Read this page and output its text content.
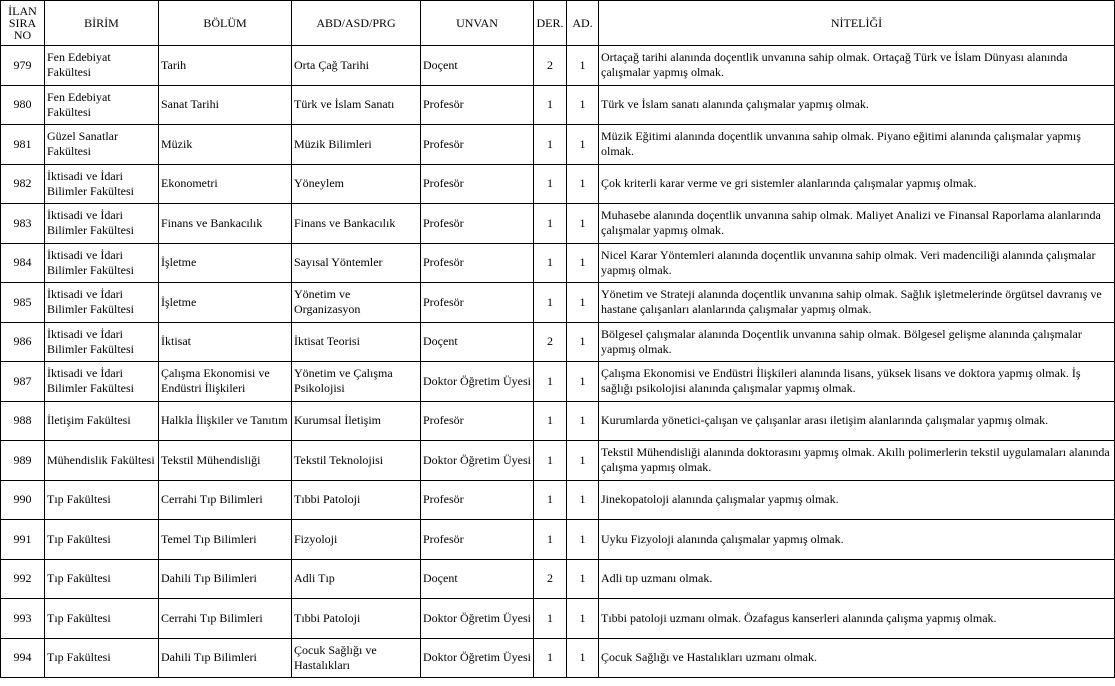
İLAN SIRA NO	BİRİM	BÖLÜM	ABD/ASD/PRG	UNVAN	DER.	AD.	NİTELİĞİ
979	Fen Edebiyat Fakültesi	Tarih	Orta Çağ Tarihi	Doçent	2	1	Ortaçağ tarihi alanında doçentlik unvanına sahip olmak. Ortaçağ Türk ve İslam Dünyası alanında çalışmalar yapmış olmak.
980	Fen Edebiyat Fakültesi	Sanat Tarihi	Türk ve İslam Sanatı	Profesör	1	1	Türk ve İslam sanatı alanında çalışmalar yapmış olmak.
981	Güzel Sanatlar Fakültesi	Müzik	Müzik Bilimleri	Profesör	1	1	Müzik Eğitimi alanında doçentlik unvanına sahip olmak. Piyano eğitimi alanında çalışmalar yapmış olmak.
982	İktisadi ve İdari Bilimler Fakültesi	Ekonometri	Yöneylem	Profesör	1	1	Çok kriterli karar verme ve gri sistemler alanlarında çalışmalar yapmış olmak.
983	İktisadi ve İdari Bilimler Fakültesi	Finans ve Bankacılık	Finans ve Bankacılık	Profesör	1	1	Muhasebe alanında doçentlik unvanına sahip olmak. Maliyet Analizi ve Finansal Raporlama alanlarında çalışmalar yapmış olmak.
984	İktisadi ve İdari Bilimler Fakültesi	İşletme	Sayısal Yöntemler	Profesör	1	1	Nicel Karar Yöntemleri alanında doçentlik unvanına sahip olmak. Veri madenciliği alanında çalışmalar yapmış olmak.
985	İktisadi ve İdari Bilimler Fakültesi	İşletme	Yönetim ve Organizasyon	Profesör	1	1	Yönetim ve Strateji alanında doçentlik unvanına sahip olmak. Sağlık işletmelerinde örgütsel davranış ve hastane çalışanları alanlarında çalışmalar yapmış olmak.
986	İktisadi ve İdari Bilimler Fakültesi	İktisat	İktisat Teorisi	Doçent	2	1	Bölgesel çalışmalar alanında Doçentlik unvanına sahip olmak. Bölgesel gelişme alanında çalışmalar yapmış olmak.
987	İktisadi ve İdari Bilimler Fakültesi	Çalışma Ekonomisi ve Endüstri İlişkileri	Yönetim ve Çalışma Psikolojisi	Doktor Öğretim Üyesi	1	1	Çalışma Ekonomisi ve Endüstri İlişkileri alanında lisans, yüksek lisans ve doktora yapmış olmak. İş sağlığı psikolojisi alanında çalışmalar yapmış olmak.
988	İletişim Fakültesi	Halkla İlişkiler ve Tanıtım	Kurumsal İletişim	Profesör	1	1	Kurumlarda yönetici-çalışan ve çalışanlar arası iletişim alanlarında çalışmalar yapmış olmak.
989	Mühendislik Fakültesi	Tekstil Mühendisliği	Tekstil Teknolojisi	Doktor Öğretim Üyesi	1	1	Tekstil Mühendisliği alanında doktorasını yapmış olmak. Akıllı polimerlerin tekstil uygulamaları alanında çalışma yapmış olmak.
990	Tıp Fakültesi	Cerrahi Tıp Bilimleri	Tıbbi Patoloji	Profesör	1	1	Jinekopatoloji alanında çalışmalar yapmış olmak.
991	Tıp Fakültesi	Temel Tıp Bilimleri	Fizyoloji	Profesör	1	1	Uyku Fizyoloji alanında çalışmalar yapmış olmak.
992	Tıp Fakültesi	Dahili Tıp Bilimleri	Adli Tıp	Doçent	2	1	Adli tıp uzmanı olmak.
993	Tıp Fakültesi	Cerrahi Tıp Bilimleri	Tıbbi Patoloji	Doktor Öğretim Üyesi	1	1	Tıbbi patoloji uzmanı olmak. Özafagus kanserleri alanında çalışma yapmış olmak.
994	Tıp Fakültesi	Dahili Tıp Bilimleri	Çocuk Sağlığı ve Hastalıkları	Doktor Öğretim Üyesi	1	1	Çocuk Sağlığı ve Hastalıkları uzmanı olmak.
